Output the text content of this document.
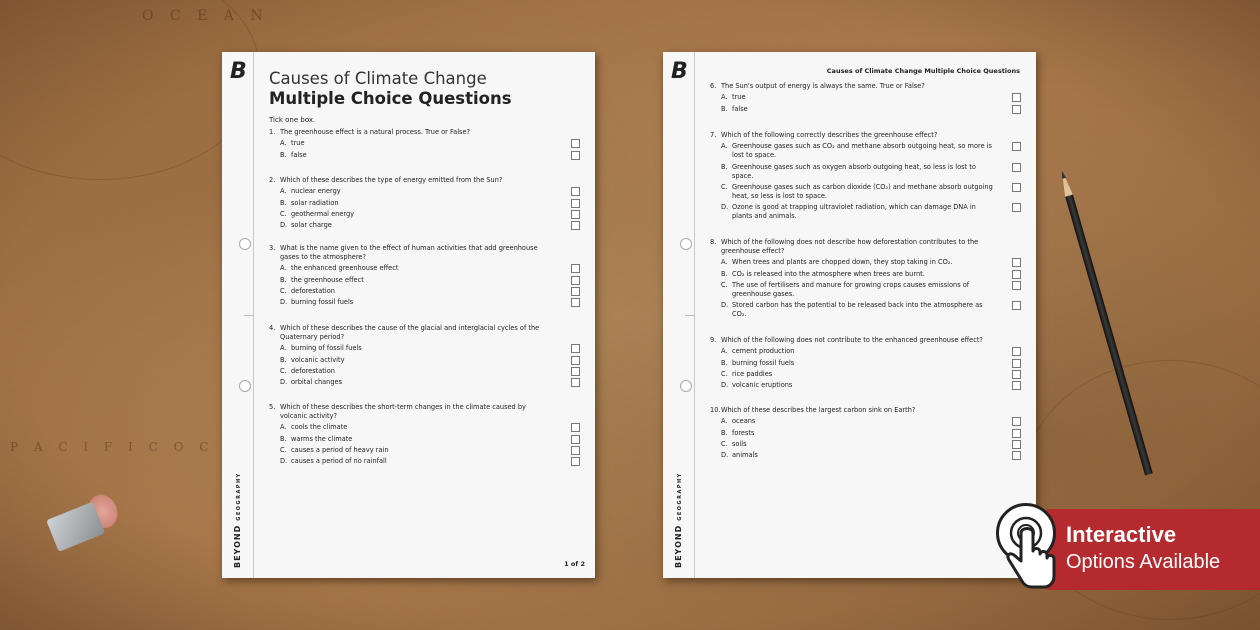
O C E A N
P A C I F I C O C
B
BEYONDGEOGRAPHY
Causes of Climate Change
Multiple Choice Questions
Tick one box.
1. The greenhouse effect is a natural process. True or False?
A. true
B. false
2. Which of these describes the type of energy emitted from the Sun?
A. nuclear energy
B. solar radiation
C. geothermal energy
D. solar charge
3. What is the name given to the effect of human activities that add greenhouse gases to the atmosphere?
A. the enhanced greenhouse effect
B. the greenhouse effect
C. deforestation
D. burning fossil fuels
4. Which of these describes the cause of the glacial and interglacial cycles of the Quaternary period?
A. burning of fossil fuels
B. volcanic activity
C. deforestation
D. orbital changes
5. Which of these describes the short-term changes in the climate caused by volcanic activity?
A. cools the climate
B. warms the climate
C. causes a period of heavy rain
D. causes a period of no rainfall
1 of 2
B
BEYONDGEOGRAPHY
Causes of Climate Change Multiple Choice Questions
6. The Sun's output of energy is always the same. True or False?
A. true
B. false
7. Which of the following correctly describes the greenhouse effect?
A. Greenhouse gases such as CO₂ and methane absorb outgoing heat, so more is lost to space.
B. Greenhouse gases such as oxygen absorb outgoing heat, so less is lost to space.
C. Greenhouse gases such as carbon dioxide (CO₂) and methane absorb outgoing heat, so less is lost to space.
D. Ozone is good at trapping ultraviolet radiation, which can damage DNA in plants and animals.
8. Which of the following does not describe how deforestation contributes to the greenhouse effect?
A. When trees and plants are chopped down, they stop taking in CO₂.
B. CO₂ is released into the atmosphere when trees are burnt.
C. The use of fertilisers and manure for growing crops causes emissions of greenhouse gases.
D. Stored carbon has the potential to be released back into the atmosphere as CO₂.
9. Which of the following does not contribute to the enhanced greenhouse effect?
A. cement production
B. burning fossil fuels
C. rice paddies
D. volcanic eruptions
10. Which of these describes the largest carbon sink on Earth?
A. oceans
B. forests
C. soils
D. animals
Interactive
Options Available
